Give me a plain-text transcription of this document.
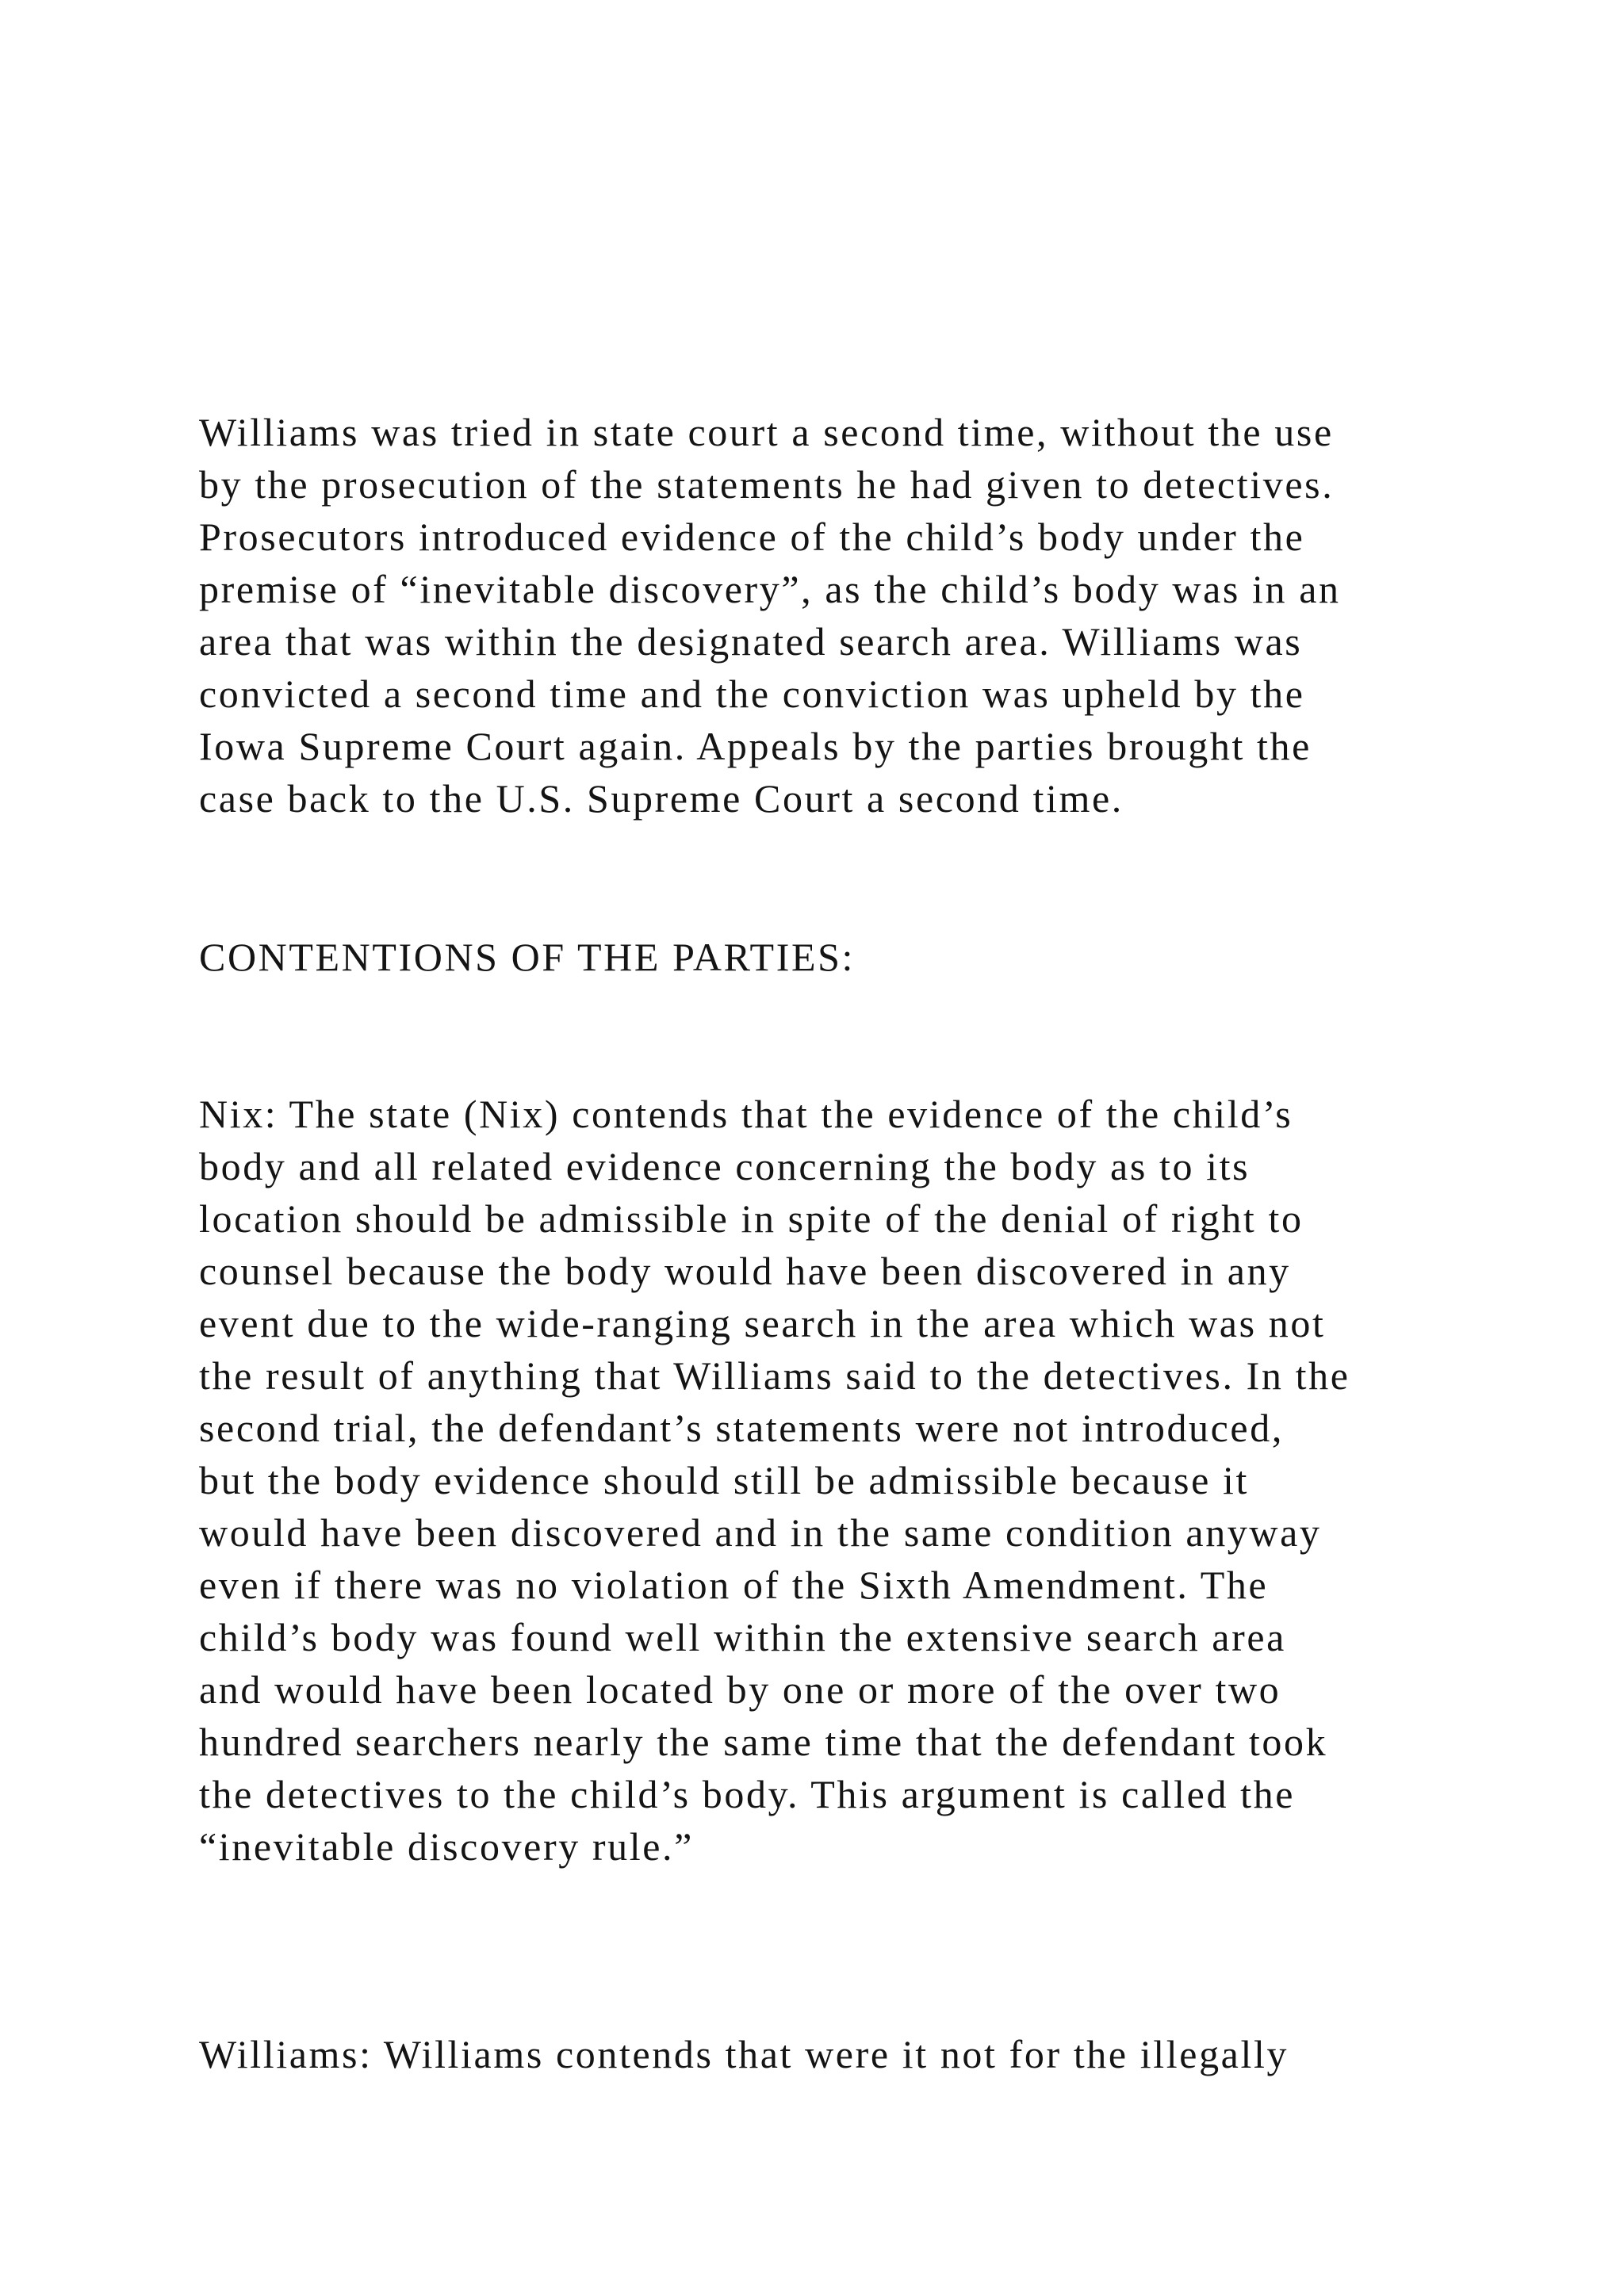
Williams was tried in state court a second time, without the use

by the prosecution of the statements he had given to detectives.

Prosecutors introduced evidence of the child’s body under the

premise of “inevitable discovery”, as the child’s body was in an

area that was within the designated search area. Williams was

convicted a second time and the conviction was upheld by the

Iowa Supreme Court again. Appeals by the parties brought the

case back to the U.S. Supreme Court a second time.

CONTENTIONS OF THE PARTIES:

Nix: The state (Nix) contends that the evidence of the child’s

body and all related evidence concerning the body as to its

location should be admissible in spite of the denial of right to

counsel because the body would have been discovered in any

event due to the wide-ranging search in the area which was not

the result of anything that Williams said to the detectives. In the

second trial, the defendant’s statements were not introduced,

but the body evidence should still be admissible because it

would have been discovered and in the same condition anyway

even if there was no violation of the Sixth Amendment. The

child’s body was found well within the extensive search area

and would have been located by one or more of the over two

hundred searchers nearly the same time that the defendant took

the detectives to the child’s body. This argument is called the

“inevitable discovery rule.”

Williams: Williams contends that were it not for the illegally
